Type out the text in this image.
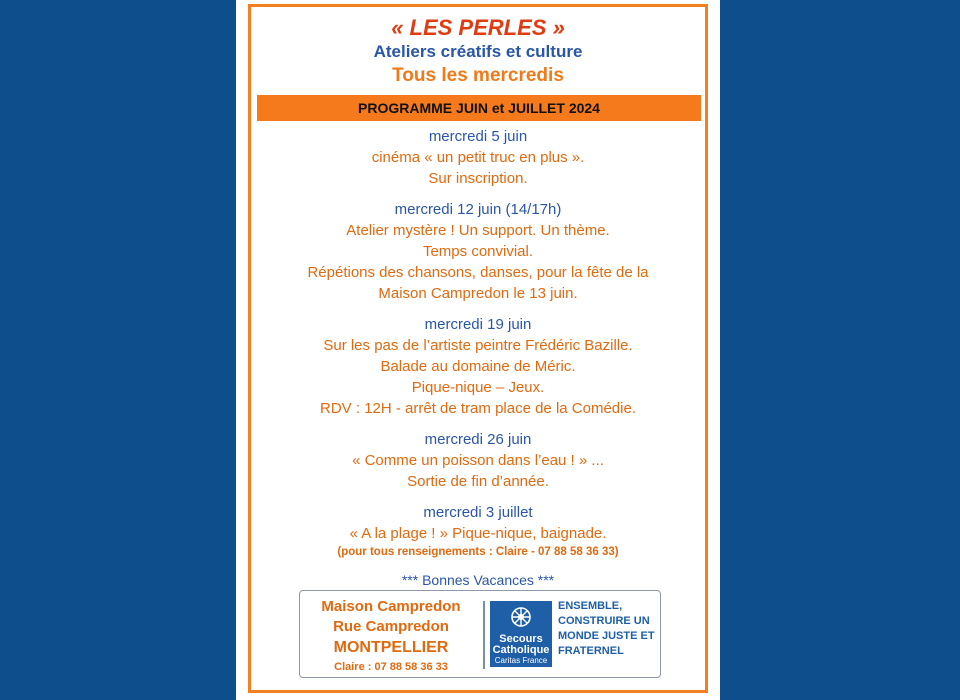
« LES PERLES »
Ateliers créatifs et culture
Tous les mercredis
PROGRAMME JUIN et JUILLET 2024
mercredi 5 juin
cinéma « un petit truc en plus ».
Sur inscription.
mercredi 12 juin (14/17h)
Atelier mystère ! Un support. Un thème.
Temps convivial.
Répétions des chansons, danses, pour la fête de la
Maison Campredon le 13 juin.
mercredi 19 juin
Sur les pas de l’artiste peintre Frédéric Bazille.
Balade au domaine de Méric.
Pique-nique – Jeux.
RDV : 12H - arrêt de tram place de la Comédie.
mercredi 26 juin
« Comme un poisson dans l’eau ! » ...
Sortie de fin d’année.
mercredi 3 juillet
« A la plage ! » Pique-nique, baignade.
(pour tous renseignements : Claire - 07 88 58 36 33)
*** Bonnes Vacances ***
Maison Campredon
Rue Campredon
MONTPELLIER
Claire : 07 88 58 36 33
Secours
Catholique
Caritas France
ENSEMBLE, CONSTRUIRE UN MONDE JUSTE ET FRATERNEL
